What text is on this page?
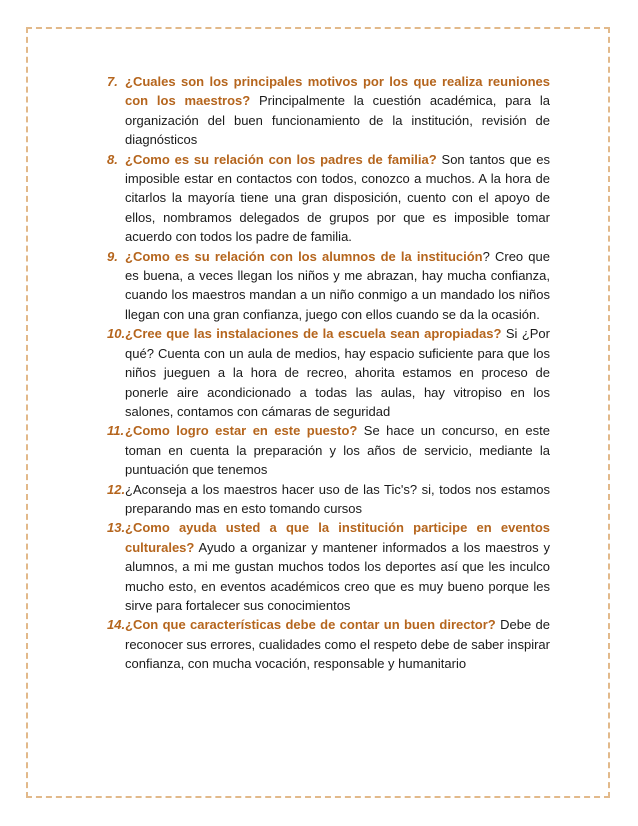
7. ¿Cuales son los principales motivos por los que realiza reuniones con los maestros? Principalmente la cuestión académica, para la organización del buen funcionamiento de la institución, revisión de diagnósticos
8. ¿Como es su relación con los padres de familia? Son tantos que es imposible estar en contactos con todos, conozco a muchos. A la hora de citarlos la mayoría tiene una gran disposición, cuento con el apoyo de ellos, nombramos delegados de grupos por que es imposible tomar acuerdo con todos los padre de familia.
9. ¿Como es su relación con los alumnos de la institución? Creo que es buena, a veces llegan los niños y me abrazan, hay mucha confianza, cuando los maestros mandan a un niño conmigo a un mandado los niños llegan con una gran confianza, juego con ellos cuando se da la ocasión.
10. ¿Cree que las instalaciones de la escuela sean apropiadas? Si ¿Por qué? Cuenta con un aula de medios, hay espacio suficiente para que los niños jueguen a la hora de recreo, ahorita estamos en proceso de ponerle aire acondicionado a todas las aulas, hay vitropiso en los salones, contamos con cámaras de seguridad
11. ¿Como logro estar en este puesto? Se hace un concurso, en este toman en cuenta la preparación y los años de servicio, mediante la puntuación que tenemos
12. ¿Aconseja a los maestros hacer uso de las Tic's? si, todos nos estamos preparando mas en esto tomando cursos
13. ¿Como ayuda usted a que la institución participe en eventos culturales? Ayudo a organizar y mantener informados a los maestros y alumnos, a mi me gustan muchos todos los deportes así que les inculco mucho esto, en eventos académicos creo que es muy bueno porque les sirve para fortalecer sus conocimientos
14. ¿Con que características debe de contar un buen director? Debe de reconocer sus errores, cualidades como el respeto debe de saber inspirar confianza, con mucha vocación, responsable y humanitario
